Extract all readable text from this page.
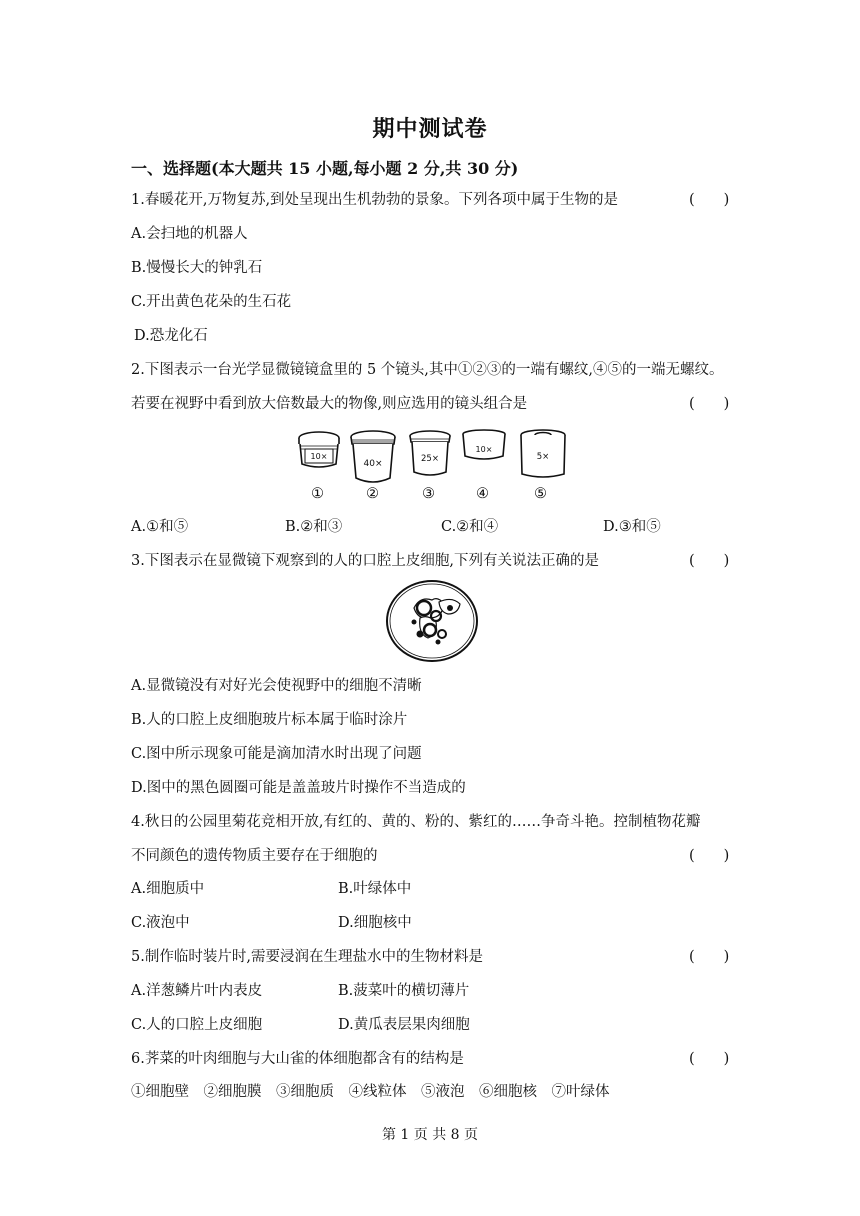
期中测试卷
一、选择题(本大题共 15 小题,每小题 2 分,共 30 分)
1.春暖花开,万物复苏,到处呈现出生机勃勃的景象。下列各项中属于生物的是	(　　)
A.会扫地的机器人
B.慢慢长大的钟乳石
C.开出黄色花朵的生石花
D.恐龙化石
2.下图表示一台光学显微镜镜盒里的 5 个镜头,其中①②③的一端有螺纹,④⑤的一端无螺纹。
若要在视野中看到放大倍数最大的物像,则应选用的镜头组合是	(　　)
10×
40×	25×
10×
5×
①	②	③	④	⑤
A.①和⑤	B.②和③	C.②和④	D.③和⑤
3.下图表示在显微镜下观察到的人的口腔上皮细胞,下列有关说法正确的是	(　　)
A.显微镜没有对好光会使视野中的细胞不清晰
B.人的口腔上皮细胞玻片标本属于临时涂片
C.图中所示现象可能是滴加清水时出现了问题
D.图中的黑色圆圈可能是盖盖玻片时操作不当造成的
4.秋日的公园里菊花竞相开放,有红的、黄的、粉的、紫红的……争奇斗艳。控制植物花瓣
不同颜色的遗传物质主要存在于细胞的	(　　)
A.细胞质中	B.叶绿体中
C.液泡中	D.细胞核中
5.制作临时装片时,需要浸润在生理盐水中的生物材料是	(　　)
A.洋葱鳞片叶内表皮	B.菠菜叶的横切薄片
C.人的口腔上皮细胞	D.黄瓜表层果肉细胞
6.荠菜的叶肉细胞与大山雀的体细胞都含有的结构是	(　　)
①细胞壁　②细胞膜　③细胞质　④线粒体　⑤液泡　⑥细胞核　⑦叶绿体
第 1 页 共 8 页
